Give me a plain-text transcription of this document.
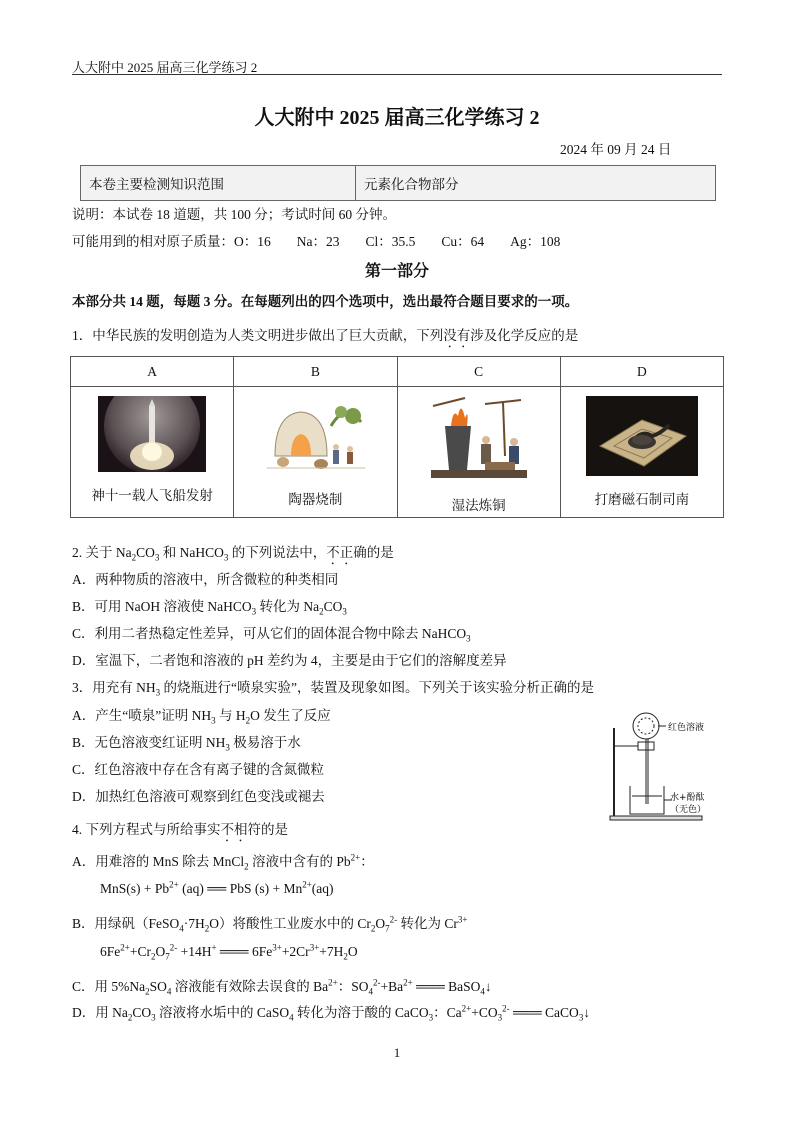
人大附中 2025 届高三化学练习 2
人大附中 2025 届高三化学练习 2
2024 年 09 月 24 日
本卷主要检测知识范围	元素化合物部分
说明：本试卷 18 道题，共 100 分；考试时间 60 分钟。
可能用到的相对原子质量：O：16 Na：23 Cl：35.5 Cu：64 Ag：108
第一部分
本部分共 14 题，每题 3 分。在每题列出的四个选项中，选出最符合题目要求的一项。
1．中华民族的发明创造为人类文明进步做出了巨大贡献，下列没有涉及化学反应的是
A	B	C	D

神十一载人飞船发射	陶器烧制	湿法炼铜	打磨磁石制司南
2. 关于 $Na_2CO_3$ 和 NaHCO$_3$ 的下列说法中，不正确的是
A．两种物质的溶液中，所含微粒的种类相同
B．可用 NaOH 溶液使 NaHCO$_3$ 转化为 $Na_2CO_3$
C．利用二者热稳定性差异，可从它们的固体混合物中除去 NaHCO$_3$
D．室温下，二者饱和溶液的 pH 差约为 4，主要是由于它们的溶解度差异
3．用充有 $NH_3$ 的烧瓶进行“喷泉实验”，装置及现象如图。下列关于该实验分析正确的是
A．产生“喷泉”证明 $NH_3$ 与 $H_2O$ 发生了反应
B．无色溶液变红证明 $NH_3$ 极易溶于水
C．红色溶液中存在含有离子键的含氮微粒
D．加热红色溶液可观察到红色变浅或褪去
红色溶液
水+酚酞
（无色）
4. 下列方程式与所给事实不相符的是
A．用难溶的 MnS 除去 MnCl$_2$ 溶液中含有的 $Pb^{2+}$：
$MnS(s) + Pb^{2+}$ (aq) ══ PbS $(s) + Mn^{2+}(aq)$
B．用绿矾$(FeSO_4\cdot 7H_2O)$将酸性工业废水中的 $Cr_2O_7^{2-}$ 转化为 $Cr^{3+}$
$6Fe^{2+}+Cr_2O_7^{2-} +14H^+$ ═══ $6Fe^{3+}+2Cr^{3+}+7H_2O$
C．用 $5\%Na_2SO_4$ 溶液能有效除去误食的 $Ba^{2+}$：$SO_4^{2-}+Ba^{2+}$ ═══ BaSO$_4$↓
D．用 $Na_2CO_3$ 溶液将水垢中的 CaSO$_4$ 转化为溶于酸的 CaCO$_3$：$Ca^{2+}+CO_3^{2-}$ ═══ CaCO$_3$↓
1
